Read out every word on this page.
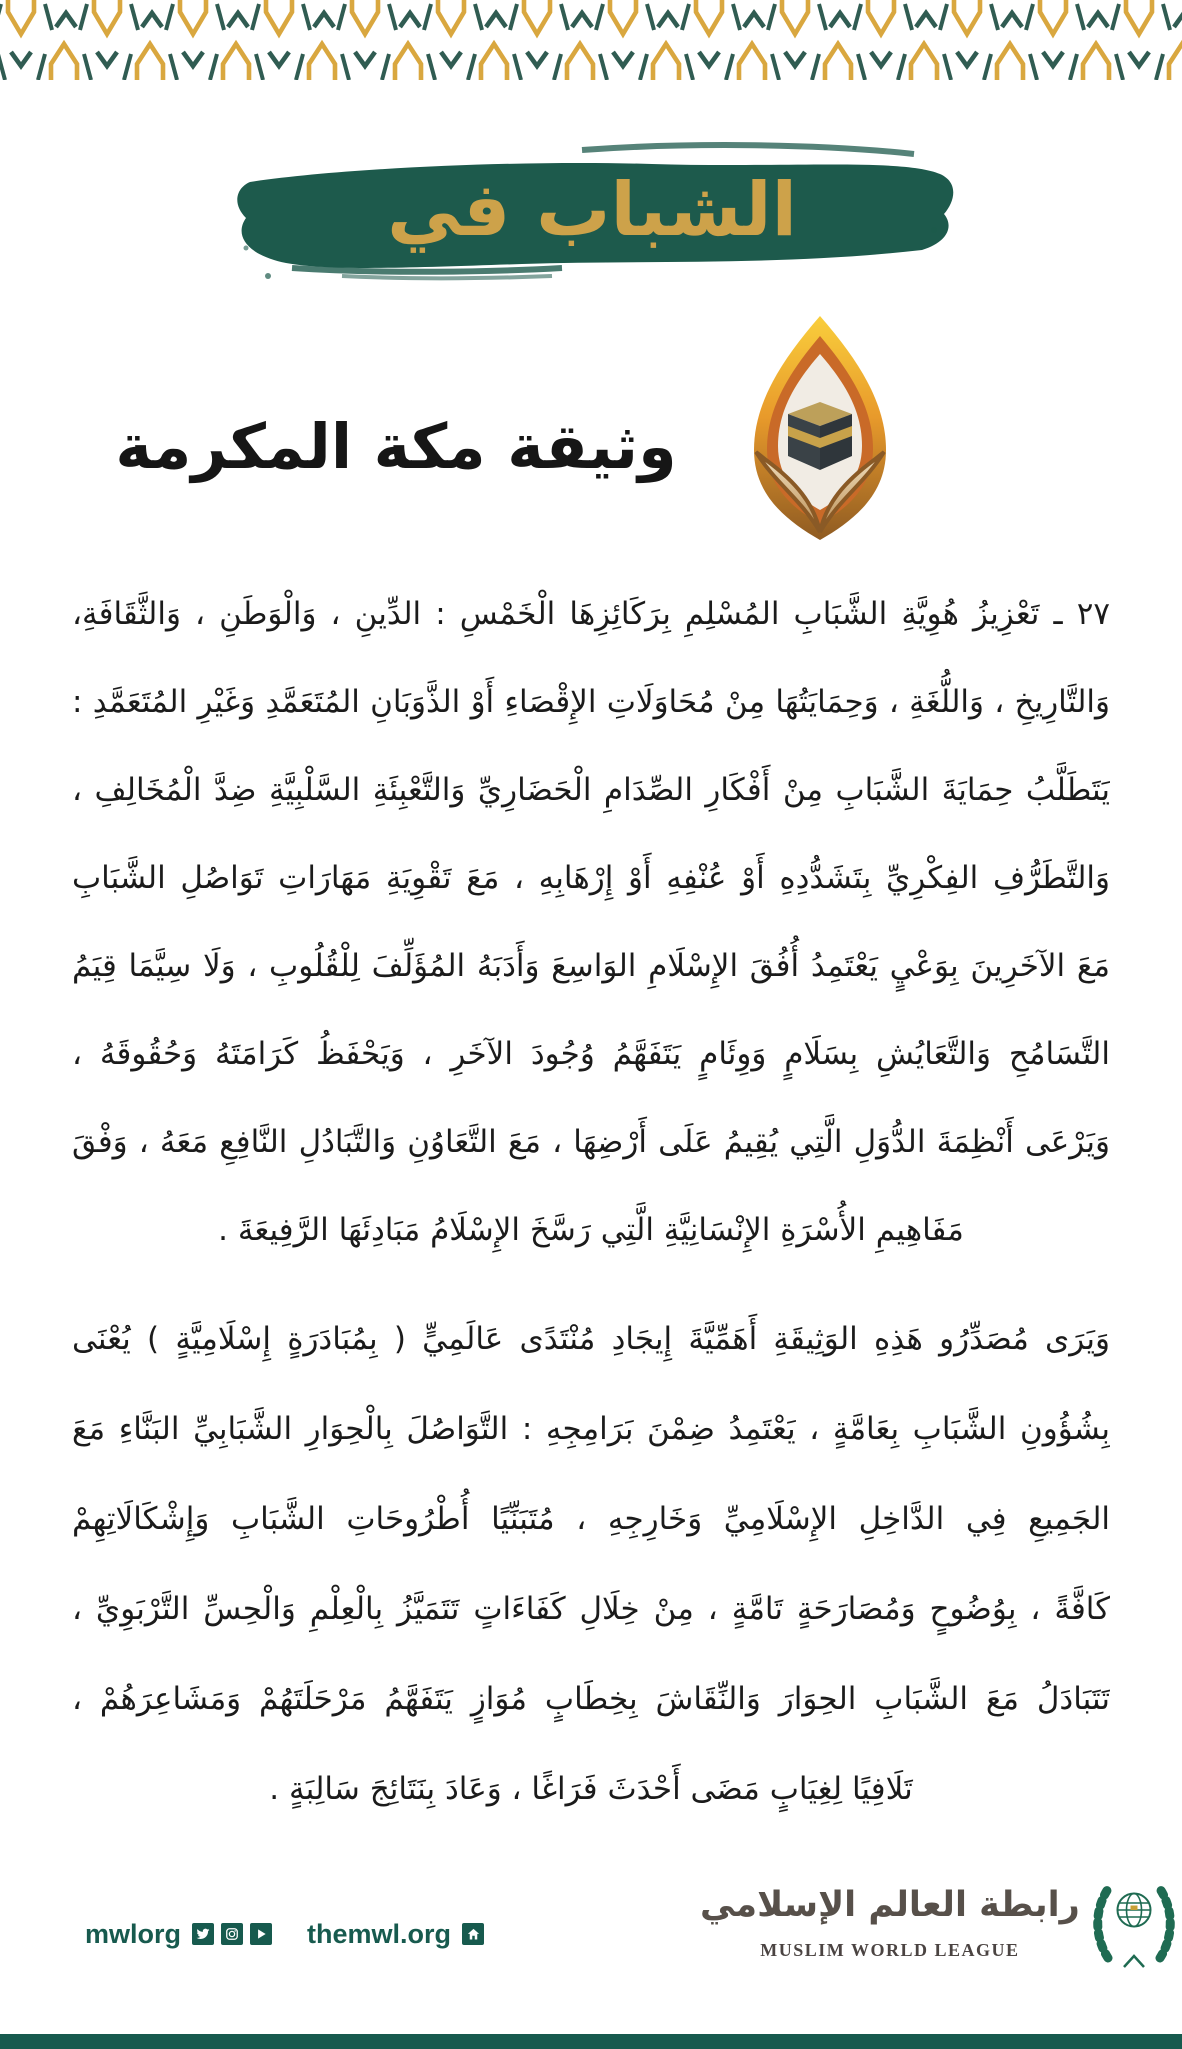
الشباب في
وثيقة مكة المكرمة
٢٧ ـ تَعْزِيزُ هُوِيَّةِ الشَّبَابِ المُسْلِمِ بِرَكَائِزِهَا الْخَمْسِ : الدِّينِ ، وَالْوَطَنِ ، وَالثَّقَافَةِ،
وَالتَّارِيخِ ، وَاللُّغَةِ ، وَحِمَايَتُهَا مِنْ مُحَاوَلَاتِ الإِقْصَاءِ أَوْ الذَّوَبَانِ المُتَعَمَّدِ وَغَيْرِ المُتَعَمَّدِ :
يَتَطَلَّبُ حِمَايَةَ الشَّبَابِ مِنْ أَفْكَارِ الصِّدَامِ الْحَضَارِيِّ وَالتَّعْبِئَةِ السَّلْبِيَّةِ ضِدَّ الْمُخَالِفِ ،
وَالتَّطَرُّفِ الفِكْرِيِّ بِتَشَدُّدِهِ أَوْ عُنْفِهِ أَوْ إِرْهَابِهِ ، مَعَ تَقْوِيَةِ مَهَارَاتِ تَوَاصُلِ الشَّبَابِ
مَعَ الآخَرِينَ بِوَعْيٍ يَعْتَمِدُ أُفُقَ الإِسْلَامِ الوَاسِعَ وَأَدَبَهُ المُؤَلِّفَ لِلْقُلُوبِ ، وَلَا سِيَّمَا قِيَمُ
التَّسَامُحِ وَالتَّعَايُشِ بِسَلَامٍ وَوِئَامٍ يَتَفَهَّمُ وُجُودَ الآخَرِ ، وَيَحْفَظُ كَرَامَتَهُ وَحُقُوقَهُ ،
وَيَرْعَى أَنْظِمَةَ الدُّوَلِ الَّتِي يُقِيمُ عَلَى أَرْضِهَا ، مَعَ التَّعَاوُنِ وَالتَّبَادُلِ النَّافِعِ مَعَهُ ، وَفْقَ
مَفَاهِيمِ الأُسْرَةِ الإِنْسَانِيَّةِ الَّتِي رَسَّخَ الإِسْلَامُ مَبَادِئَهَا الرَّفِيعَةَ .
وَيَرَى مُصَدِّرُو هَذِهِ الوَثِيقَةِ أَهَمِّيَّةَ إِيجَادِ مُنْتَدًى عَالَمِيٍّ ( بِمُبَادَرَةٍ إِسْلَامِيَّةٍ ) يُعْنَى
بِشُؤُونِ الشَّبَابِ بِعَامَّةٍ ، يَعْتَمِدُ ضِمْنَ بَرَامِجِهِ : التَّوَاصُلَ بِالْحِوَارِ الشَّبَابِيِّ البَنَّاءِ مَعَ
الجَمِيعِ فِي الدَّاخِلِ الإِسْلَامِيِّ وَخَارِجِهِ ، مُتَبَنِّيًا أُطْرُوحَاتِ الشَّبَابِ وَإِشْكَالَاتِهِمْ
كَافَّةً ، بِوُضُوحٍ وَمُصَارَحَةٍ تَامَّةٍ ، مِنْ خِلَالِ كَفَاءَاتٍ تَتَمَيَّزُ بِالْعِلْمِ وَالْحِسِّ التَّرْبَوِيِّ ،
تَتَبَادَلُ مَعَ الشَّبَابِ الحِوَارَ وَالنِّقَاشَ بِخِطَابٍ مُوَازٍ يَتَفَهَّمُ مَرْحَلَتَهُمْ وَمَشَاعِرَهُمْ ،
تَلَافِيًا لِغِيَابٍ مَضَى أَحْدَثَ فَرَاغًا ، وَعَادَ بِنَتَائِجَ سَالِبَةٍ .
mwlorg	themwl.org
رابطة العالم الإسلامي
MUSLIM WORLD LEAGUE
